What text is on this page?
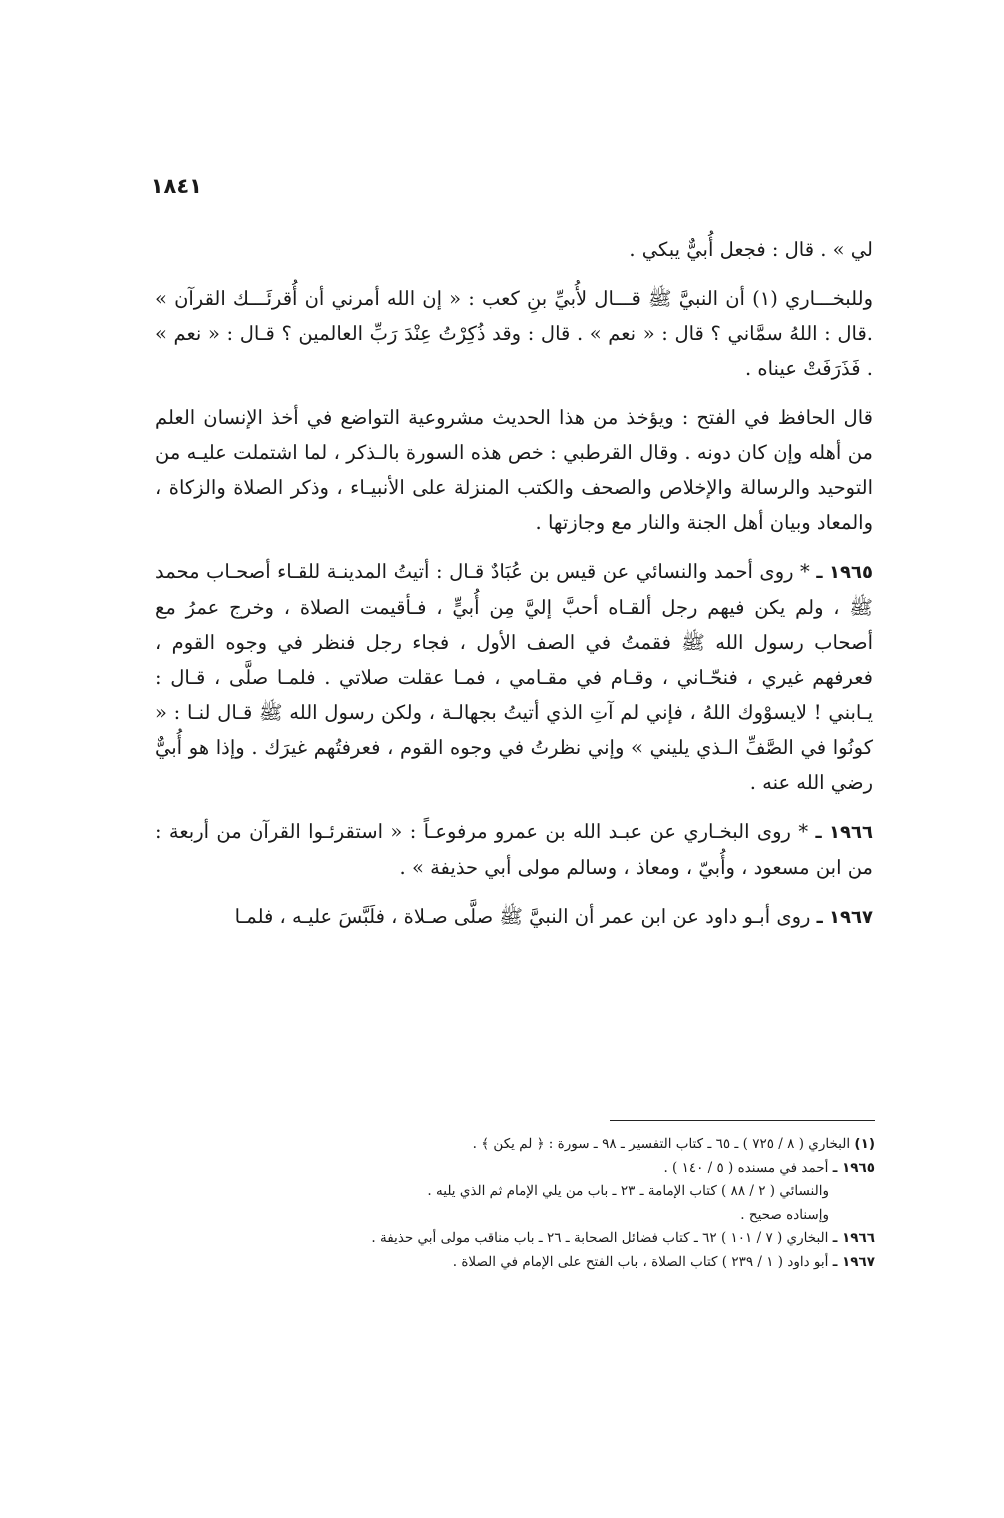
١٨٤١

لي » . قال : فجعل أُبيٌّ يبكي .

وللبخـــاري (١) أن النبيَّ ﷺ قـــال لأُبيِّ بنِ كعب : « إن الله أمرني أن أُقرئَـــك القرآن » .قال : اللهُ سمَّاني ؟ قال : « نعم » . قال : وقد ذُكِرْتُ عِنْدَ رَبِّ العالمين ؟ قـال : « نعم » . فَذَرَفَتْ عيناه .

قال الحافظ في الفتح : ويؤخذ من هذا الحديث مشروعية التواضع في أخذ الإنسان العلم من أهله وإن كان دونه . وقال القرطبي : خص هذه السورة بالـذكر ، لما اشتملت عليـه من التوحيد والرسالة والإخلاص والصحف والكتب المنزلة على الأنبيـاء ، وذكر الصلاة والزكاة ، والمعاد وبيان أهل الجنة والنار مع وجازتها .

١٩٦٥ ـ * روى أحمد والنسائي عن قيس بن عُبَادٌ قـال : أتيتُ المدينـة للقـاء أصحـاب محمد ﷺ ، ولم يكن فيهم رجل ألقـاه أحبَّ إليَّ مِن أُبيٍّ ، فـأقيمت الصلاة ، وخرج عمرُ مع أصحاب رسول الله ﷺ فقمتُ في الصف الأول ، فجاء رجل فنظر في وجوه القوم ، فعرفهم غيري ، فنحّـاني ، وقـام في مقـامي ، فمـا عقلت صلاتي . فلمـا صلَّى ، قـال : يـابني ! لايسوْوك اللهُ ، فإني لم آتِ الذي أتيتُ بجهالـة ، ولكن رسول الله ﷺ قـال لنـا : « كونُوا في الصَّفِّ الـذي يليني » وإني نظرتُ في وجوه القوم ، فعرفتُهم غيرَك . وإذا هو أُبيٌّ رضي الله عنه .

١٩٦٦ ـ * روى البخـاري عن عبـد الله بن عمرو مرفوعـاً : « استقرئـوا القرآن من أربعة : من ابن مسعود ، وأُبيّ ، ومعاذ ، وسالم مولى أبي حذيفة » .

١٩٦٧ ـ روى أبـو داود عن ابن عمر أن النبيَّ ﷺ صلَّى صـلاة ، فلَبَّسَ عليـه ، فلمـا

(١) البخاري ( ٨ / ٧٢٥ ) ـ ٦٥ ـ كتاب التفسير ـ ٩٨ ـ سورة : ﴿ لم يكن ﴾ .

١٩٦٥ ـ أحمد في مسنده ( ٥ / ١٤٠ ) .

والنسائي ( ٢ / ٨٨ ) كتاب الإمامة ـ ٢٣ ـ باب من يلي الإمام ثم الذي يليه .

وإسناده صحيح .

١٩٦٦ ـ البخاري ( ٧ / ١٠١ ) ٦٢ ـ كتاب فضائل الصحابة ـ ٢٦ ـ باب مناقب مولى أبي حذيفة .

١٩٦٧ ـ أبو داود ( ١ / ٢٣٩ ) كتاب الصلاة ، باب الفتح على الإمام في الصلاة .
